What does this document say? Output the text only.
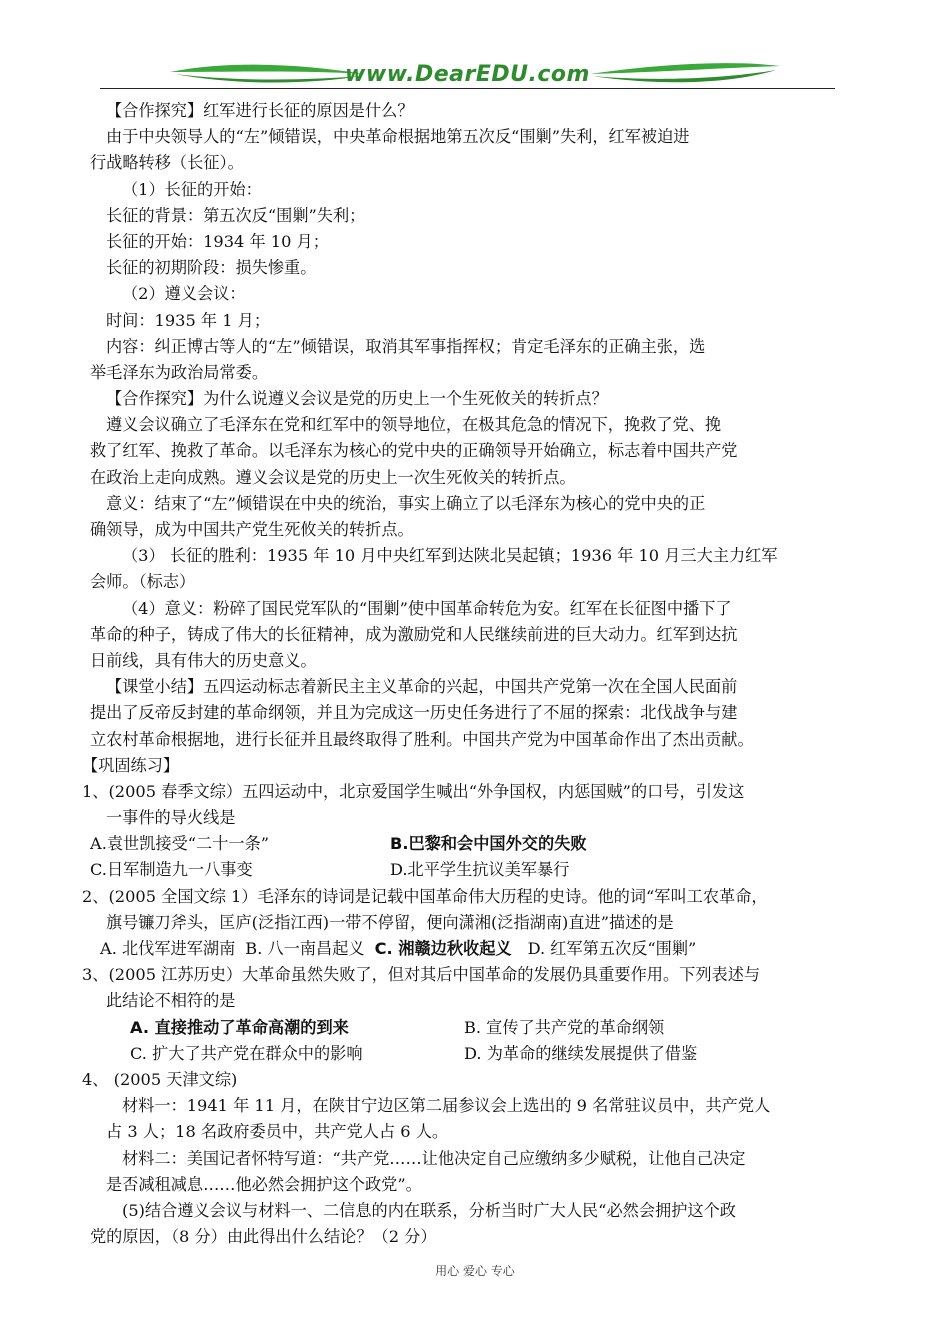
www.DearEDU.com
【合作探究】红军进行长征的原因是什么？
由于中央领导人的“左”倾错误，中央革命根据地第五次反“围剿”失利，红军被迫进
行战略转移（长征）。
（1）长征的开始：
长征的背景：第五次反“围剿”失利；
长征的开始：1934 年 10 月；
长征的初期阶段：损失惨重。
（2）遵义会议：
时间：1935 年 1 月；
内容：纠正博古等人的“左”倾错误，取消其军事指挥权；肯定毛泽东的正确主张，选
举毛泽东为政治局常委。
【合作探究】为什么说遵义会议是党的历史上一个生死攸关的转折点？
遵义会议确立了毛泽东在党和红军中的领导地位，在极其危急的情况下，挽救了党、挽
救了红军、挽救了革命。以毛泽东为核心的党中央的正确领导开始确立，标志着中国共产党
在政治上走向成熟。遵义会议是党的历史上一次生死攸关的转折点。
意义：结束了“左”倾错误在中央的统治，事实上确立了以毛泽东为核心的党中央的正
确领导，成为中国共产党生死攸关的转折点。
（3） 长征的胜利：1935 年 10 月中央红军到达陕北吴起镇；1936 年 10 月三大主力红军
会师。（标志）
（4）意义：粉碎了国民党军队的“围剿”使中国革命转危为安。红军在长征图中播下了
革命的种子，铸成了伟大的长征精神，成为激励党和人民继续前进的巨大动力。红军到达抗
日前线，具有伟大的历史意义。
【课堂小结】五四运动标志着新民主主义革命的兴起，中国共产党第一次在全国人民面前
提出了反帝反封建的革命纲领，并且为完成这一历史任务进行了不屈的探索：北伐战争与建
立农村革命根据地，进行长征并且最终取得了胜利。中国共产党为中国革命作出了杰出贡献。
【巩固练习】
1、(2005 春季文综）五四运动中，北京爱国学生喊出“外争国权，内惩国贼”的口号，引发这
一事件的导火线是
A.袁世凯接受“二十一条”	B.巴黎和会中国外交的失败
C.日军制造九一八事变	D.北平学生抗议美军暴行
2、(2005 全国文综 1）毛泽东的诗词是记载中国革命伟大历程的史诗。他的词“军叫工农革命，
旗号镰刀斧头，匡庐(泛指江西)一带不停留，便向潇湘(泛指湖南)直进”描述的是
A. 北伐军进军湖南 B. 八一南昌起义 C. 湘赣边秋收起义 D. 红军第五次反“围剿”
3、(2005 江苏历史）大革命虽然失败了，但对其后中国革命的发展仍具重要作用。下列表述与
此结论不相符的是
A. 直接推动了革命高潮的到来	B. 宣传了共产党的革命纲领
C. 扩大了共产党在群众中的影响	D. 为革命的继续发展提供了借鉴
4、 (2005 天津文综)
材料一：1941 年 11 月，在陕甘宁边区第二届参议会上选出的 9 名常驻议员中，共产党人
占 3 人；18 名政府委员中，共产党人占 6 人。
材料二：美国记者怀特写道：“共产党……让他决定自己应缴纳多少赋税，让他自己决定
是否减租减息……他必然会拥护这个政党”。
(5)结合遵义会议与材料一、二信息的内在联系，分析当时广大人民“必然会拥护这个政
党的原因，（8 分）由此得出什么结论？（2 分）
用心 爱心 专心
